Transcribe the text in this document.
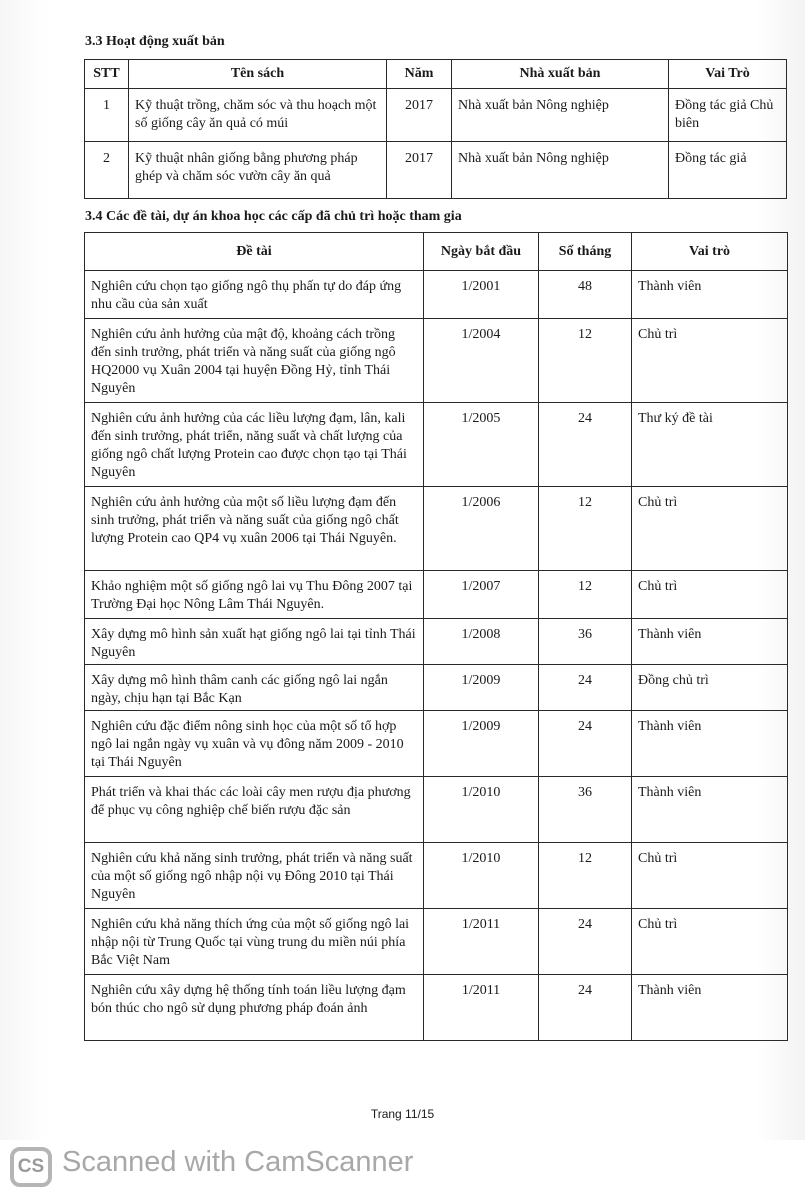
3.3 Hoạt động xuất bản
STT	Tên sách	Năm	Nhà xuất bản	Vai Trò
1	Kỹ thuật trồng, chăm sóc và thu hoạch một số giống cây ăn quả có múi	2017	Nhà xuất bản Nông nghiệp	Đồng tác giả Chủ biên
2	Kỹ thuật nhân giống bằng phương pháp ghép và chăm sóc vườn cây ăn quả	2017	Nhà xuất bản Nông nghiệp	Đồng tác giả
3.4 Các đề tài, dự án khoa học các cấp đã chủ trì hoặc tham gia
Đề tài	Ngày bắt đầu	Số tháng	Vai trò
Nghiên cứu chọn tạo giống ngô thụ phấn tự do đáp ứng nhu cầu của sản xuất	1/2001	48	Thành viên
Nghiên cứu ảnh hưởng của mật độ, khoảng cách trồng đến sinh trưởng, phát triển và năng suất của giống ngô HQ2000 vụ Xuân 2004 tại huyện Đồng Hỷ, tỉnh Thái Nguyên	1/2004	12	Chủ trì
Nghiên cứu ảnh hưởng của các liều lượng đạm, lân, kali đến sinh trưởng, phát triển, năng suất và chất lượng của giống ngô chất lượng Protein cao được chọn tạo tại Thái Nguyên	1/2005	24	Thư ký đề tài
Nghiên cứu ảnh hưởng của một số liều lượng đạm đến sinh trưởng, phát triển và năng suất của giống ngô chất lượng Protein cao QP4 vụ xuân 2006 tại Thái Nguyên.	1/2006	12	Chủ trì
Khảo nghiệm một số giống ngô lai vụ Thu Đông 2007 tại Trường Đại học Nông Lâm Thái Nguyên.	1/2007	12	Chủ trì
Xây dựng mô hình sản xuất hạt giống ngô lai tại tỉnh Thái Nguyên	1/2008	36	Thành viên
Xây dựng mô hình thâm canh các giống ngô lai ngắn ngày, chịu hạn tại Bắc Kạn	1/2009	24	Đồng chủ trì
Nghiên cứu đặc điểm nông sinh học của một số tổ hợp ngô lai ngắn ngày vụ xuân và vụ đông năm 2009 - 2010 tại Thái Nguyên	1/2009	24	Thành viên
Phát triển và khai thác các loài cây men rượu địa phương để phục vụ công nghiệp chế biến rượu đặc sản	1/2010	36	Thành viên
Nghiên cứu khả năng sinh trưởng, phát triển và năng suất của một số giống ngô nhập nội vụ Đông 2010 tại Thái Nguyên	1/2010	12	Chủ trì
Nghiên cứu khả năng thích ứng của một số giống ngô lai nhập nội từ Trung Quốc tại vùng trung du miền núi phía Bắc Việt Nam	1/2011	24	Chủ trì
Nghiên cứu xây dựng hệ thống tính toán liều lượng đạm bón thúc cho ngô sử dụng phương pháp đoán ảnh	1/2011	24	Thành viên
Trang 11/15
CS Scanned with CamScanner
